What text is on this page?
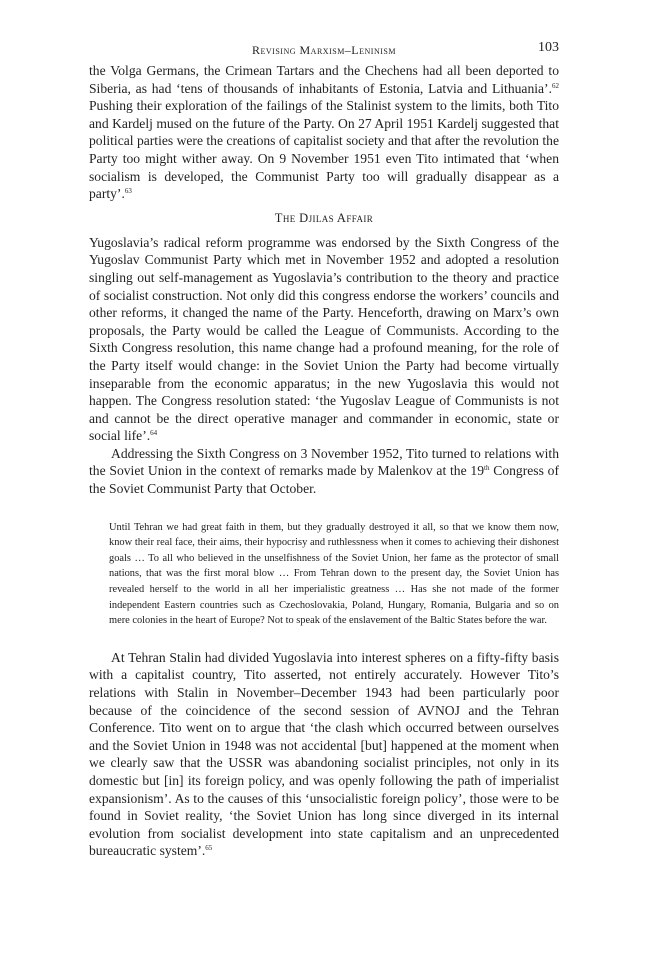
Revising Marxism–Leninism	103

the Volga Germans, the Crimean Tartars and the Chechens had all been deported to Siberia, as had ‘tens of thousands of inhabitants of Estonia, Latvia and Lithuania’.$^{62}$ Pushing their exploration of the failings of the Stalinist system to the limits, both Tito and Kardelj mused on the future of the Party. On 27 April 1951 Kardelj suggested that political parties were the creations of capitalist society and that after the revolution the Party too might wither away. On 9 November 1951 even Tito intimated that ‘when socialism is developed, the Communist Party too will gradually disappear as a party’.$^{63}$

The Djilas Affair

Yugoslavia’s radical reform programme was endorsed by the Sixth Congress of the Yugoslav Communist Party which met in November 1952 and adopted a resolution singling out self-management as Yugoslavia’s contribution to the theory and practice of socialist construction. Not only did this congress endorse the workers’ councils and other reforms, it changed the name of the Party. Henceforth, drawing on Marx’s own proposals, the Party would be called the League of Communists. According to the Sixth Congress resolution, this name change had a profound meaning, for the role of the Party itself would change: in the Soviet Union the Party had become virtually inseparable from the economic apparatus; in the new Yugoslavia this would not happen. The Congress resolution stated: ‘the Yugoslav League of Communists is not and cannot be the direct operative manager and commander in economic, state or social life’.$^{64}$

Addressing the Sixth Congress on 3 November 1952, Tito turned to relations with the Soviet Union in the context of remarks made by Malenkov at the 19th Congress of the Soviet Communist Party that October.

Until Tehran we had great faith in them, but they gradually destroyed it all, so that we know them now, know their real face, their aims, their hypocrisy and ruthlessness when it comes to achieving their dishonest goals … To all who believed in the unselfishness of the Soviet Union, her fame as the protector of small nations, that was the first moral blow … From Tehran down to the present day, the Soviet Union has revealed herself to the world in all her imperialistic greatness … Has she not made of the former independent Eastern countries such as Czechoslovakia, Poland, Hungary, Romania, Bulgaria and so on mere colonies in the heart of Europe? Not to speak of the enslavement of the Baltic States before the war.

At Tehran Stalin had divided Yugoslavia into interest spheres on a fifty-fifty basis with a capitalist country, Tito asserted, not entirely accurately. However Tito’s relations with Stalin in November–December 1943 had been particularly poor because of the coincidence of the second session of AVNOJ and the Tehran Conference. Tito went on to argue that ‘the clash which occurred between ourselves and the Soviet Union in 1948 was not accidental [but] happened at the moment when we clearly saw that the USSR was abandoning socialist principles, not only in its domestic but [in] its foreign policy, and was openly following the path of imperialist expansionism’. As to the causes of this ‘unsocialistic foreign policy’, those were to be found in Soviet reality, ‘the Soviet Union has long since diverged in its internal evolution from socialist development into state capitalism and an unprecedented bureaucratic system’.$^{65}$
